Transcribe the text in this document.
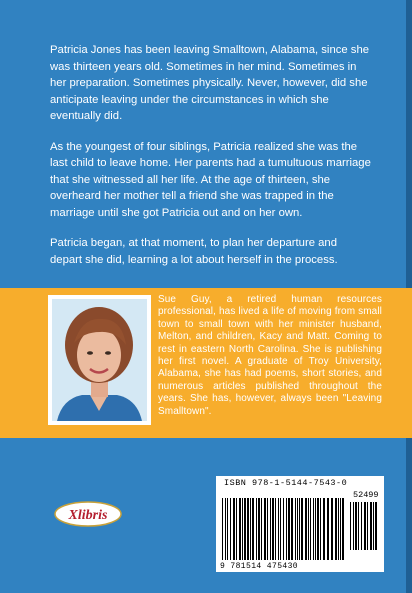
Patricia Jones has been leaving Smalltown, Alabama, since she was thirteen years old. Sometimes in her mind. Sometimes in her preparation. Sometimes physically. Never, however, did she anticipate leaving under the circumstances in which she eventually did.

As the youngest of four siblings, Patricia realized she was the last child to leave home. Her parents had a tumultuous marriage that she witnessed all her life. At the age of thirteen, she overheard her mother tell a friend she was trapped in the marriage until she got Patricia out and on her own.

Patricia began, at that moment, to plan her departure and depart she did, learning a lot about herself in the process.

Sue Guy, a retired human resources professional, has lived a life of moving from small town to small town with her minister husband, Melton, and children, Kacy and Matt. Coming to rest in eastern North Carolina. She is publishing her first novel. A graduate of Troy University, Alabama, she has had poems, short stories, and numerous articles published throughout the years. She has, however, always been "Leaving Smalltown".
Xlibris
ISBN 978-1-5144-7543-0
52499
9 781514 475430
